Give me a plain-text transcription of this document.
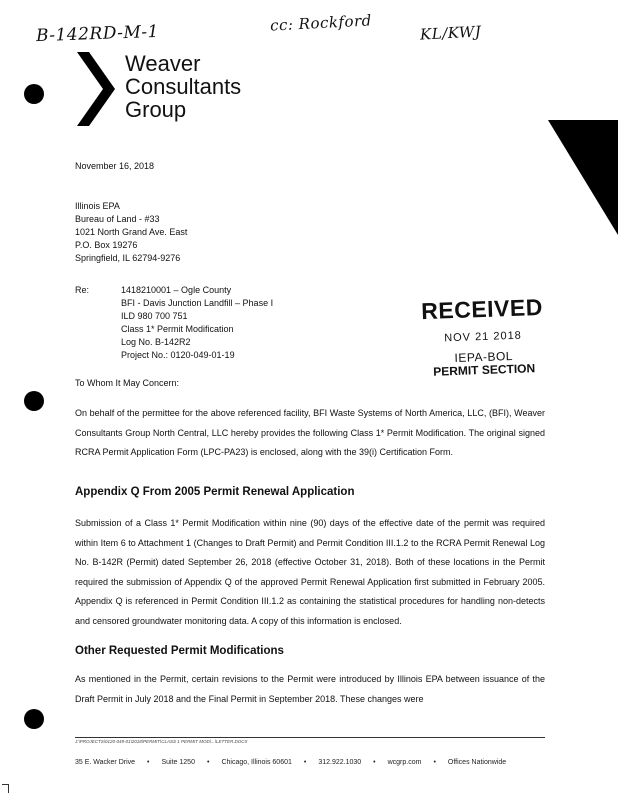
B-142RD-M-1	cc: Rockford	KL/KWJ
Weaver
Consultants
Group
November 16, 2018
Illinois EPA
Bureau of Land - #33
1021 North Grand Ave. East
P.O. Box 19276
Springfield, IL 62794-9276
Re:	1418210001 – Ogle County
BFI - Davis Junction Landfill – Phase I
ILD 980 700 751
Class 1* Permit Modification
Log No. B-142R2
Project No.: 0120-049-01-19
RECEIVED
NOV 21 2018
IEPA-BOL
PERMIT SECTION
To Whom It May Concern:
On behalf of the permittee for the above referenced facility, BFI Waste Systems of North America, LLC, (BFI), Weaver Consultants Group North Central, LLC hereby provides the following Class 1* Permit Modification. The original signed RCRA Permit Application Form (LPC-PA23) is enclosed, along with the 39(i) Certification Form.
Appendix Q From 2005 Permit Renewal Application
Submission of a Class 1* Permit Modification within nine (90) days of the effective date of the permit was required within Item 6 to Attachment 1 (Changes to Draft Permit) and Permit Condition III.1.2 to the RCRA Permit Renewal Log No. B-142R (Permit) dated September 26, 2018 (effective October 31, 2018). Both of these locations in the Permit required the submission of Appendix Q of the approved Permit Renewal Application first submitted in February 2005. Appendix Q is referenced in Permit Condition III.1.2 as containing the statistical procedures for handling non-detects and censored groundwater monitoring data. A copy of this information is enclosed.
Other Requested Permit Modifications
As mentioned in the Permit, certain revisions to the Permit were introduced by Illinois EPA between issuance of the Draft Permit in July 2018 and the Final Permit in September 2018. These changes were
J:\PROJECTS\0120-049-01\2018\PERMIT\CLASS 1 PERMIT MOD\...\LETTER.DOCX
35 E. Wacker Drive • Suite 1250 • Chicago, Illinois 60601 • 312.922.1030 • wcgrp.com • Offices Nationwide
